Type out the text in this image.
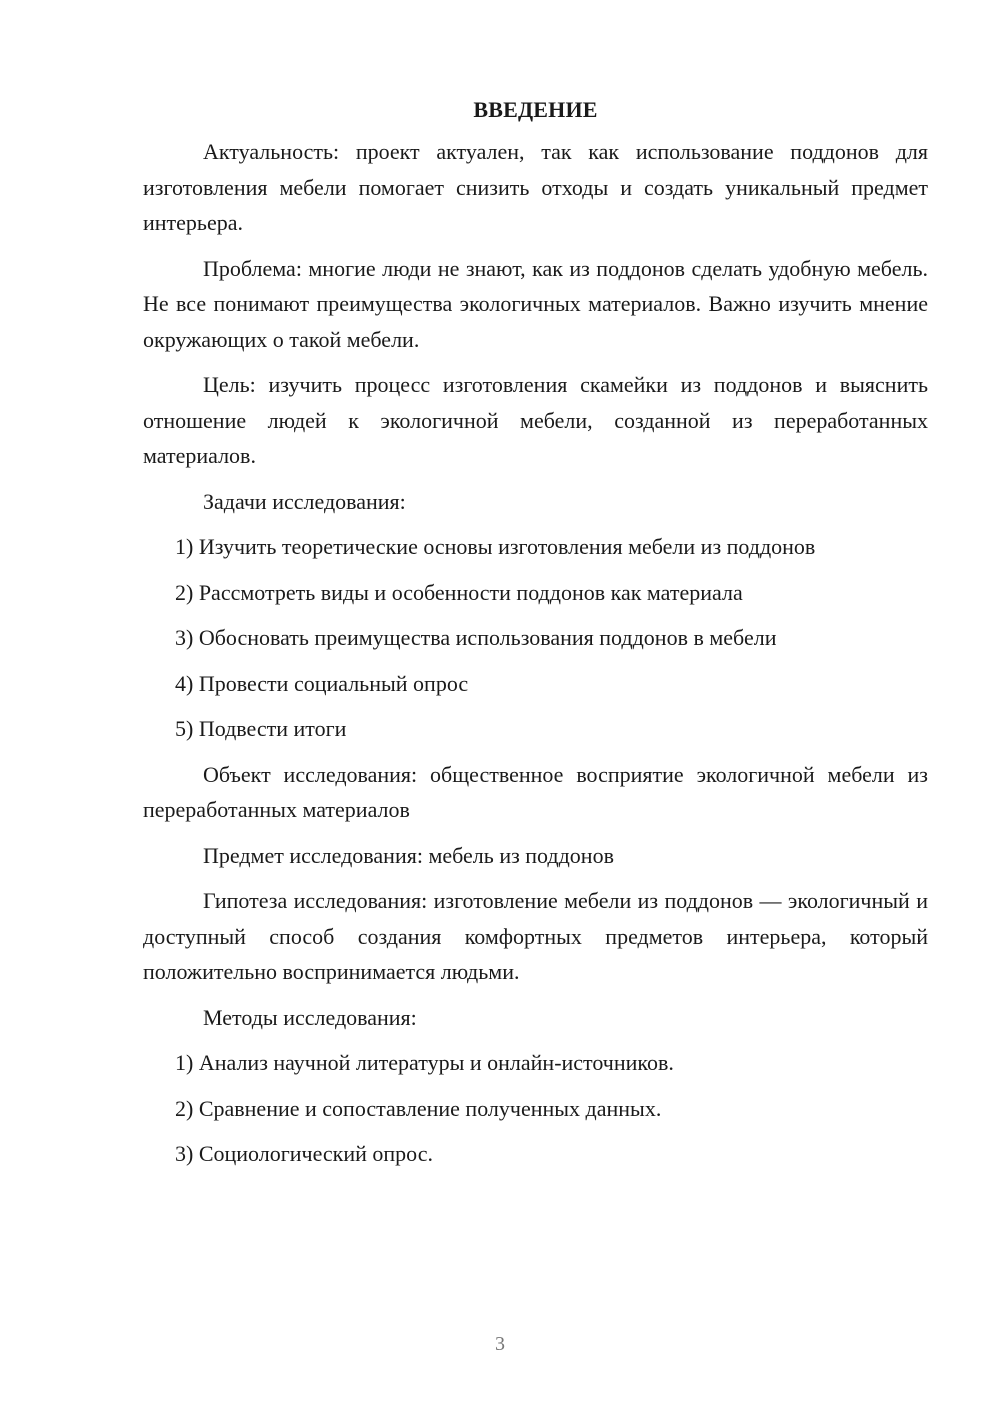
ВВЕДЕНИЕ

Актуальность: проект актуален, так как использование поддонов для изготовления мебели помогает снизить отходы и создать уникальный предмет интерьера.

Проблема: многие люди не знают, как из поддонов сделать удобную мебель. Не все понимают преимущества экологичных материалов. Важно изучить мнение окружающих о такой мебели.

Цель: изучить процесс изготовления скамейки из поддонов и выяснить отношение людей к экологичной мебели, созданной из переработанных материалов.

Задачи исследования:
1) Изучить теоретические основы изготовления мебели из поддонов
2) Рассмотреть виды и особенности поддонов как материала
3) Обосновать преимущества использования поддонов в мебели
4) Провести социальный опрос
5) Подвести итоги

Объект исследования: общественное восприятие экологичной мебели из переработанных материалов

Предмет исследования: мебель из поддонов

Гипотеза исследования: изготовление мебели из поддонов — экологичный и доступный способ создания комфортных предметов интерьера, который положительно воспринимается людьми.

Методы исследования:
1) Анализ научной литературы и онлайн-источников.
2) Сравнение и сопоставление полученных данных.
3) Социологический опрос.
3
